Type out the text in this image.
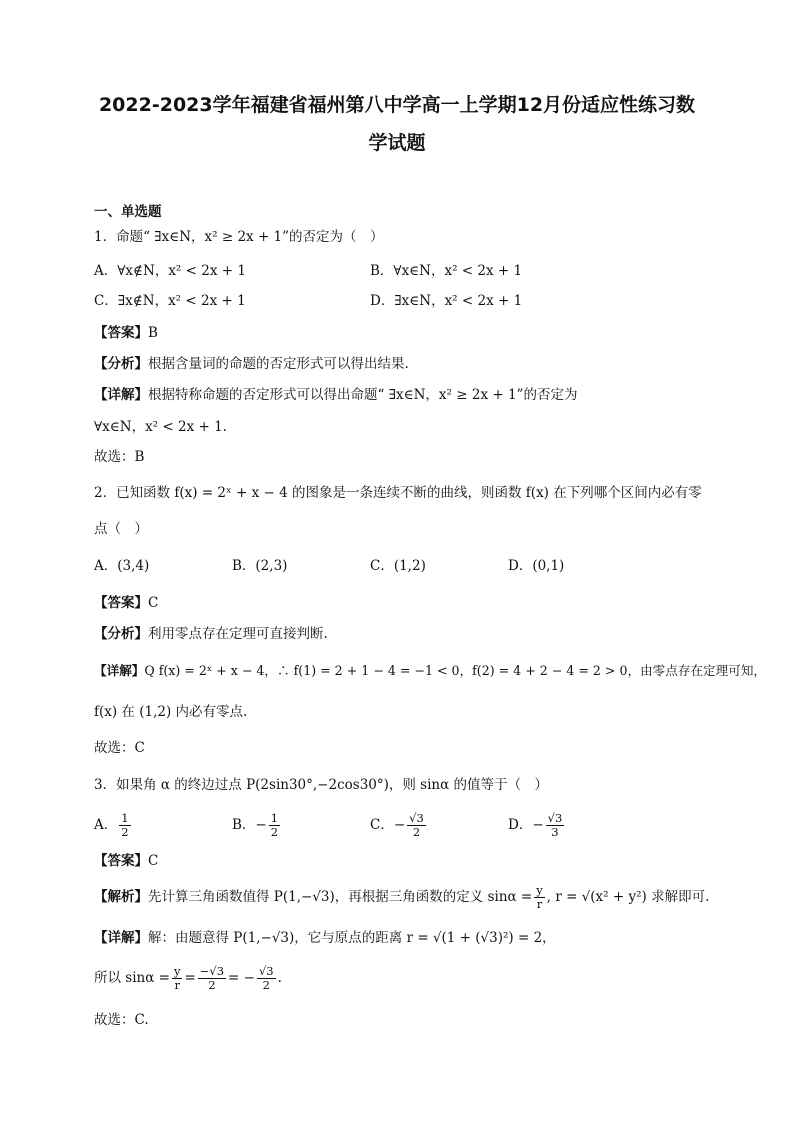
2022-2023学年福建省福州第八中学高一上学期12月份适应性练习数
学试题
一、单选题
1．命题“ ∃x∈N，x² ≥ 2x + 1”的否定为（　）
A．∀x∉N，x² < 2x + 1	B．∀x∈N，x² < 2x + 1
C．∃x∉N，x² < 2x + 1	D．∃x∈N，x² < 2x + 1
【答案】B
【分析】根据含量词的命题的否定形式可以得出结果.
【详解】根据特称命题的否定形式可以得出命题“ ∃x∈N，x² ≥ 2x + 1”的否定为
∀x∈N，x² < 2x + 1.
故选：B
2．已知函数 f(x) = 2ˣ + x − 4 的图象是一条连续不断的曲线，则函数 f(x) 在下列哪个区间内必有零
点（　）
A．(3,4)	B．(2,3)	C．(1,2)	D．(0,1)
【答案】C
【分析】利用零点存在定理可直接判断.
【详解】Q f(x) = 2ˣ + x − 4，∴ f(1) = 2 + 1 − 4 = −1 < 0，f(2) = 4 + 2 − 4 = 2 > 0，由零点存在定理可知，
f(x) 在 (1,2) 内必有零点.
故选：C
3．如果角 α 的终边过点 P(2sin30°,−2cos30°)，则 sinα 的值等于（　）
A． $\frac{1}{2}$	B．− $\frac{1}{2}$	C．− $\frac{√3}{2}$	D．− $\frac{√3}{3}$
【答案】C
【解析】先计算三角函数值得 P(1,−√3)，再根据三角函数的定义 $\sin\alpha = \frac{y}{r}$ , r = √(x² + y²) 求解即可.
【详解】解：由题意得 P(1,−√3)，它与原点的距离 r = √(1 + (√3)²) = 2，
所以 $\sin\alpha = \frac{y}{r} = \frac{-√3}{2}$ = − $\frac{√3}{2}$ .
故选：C.
